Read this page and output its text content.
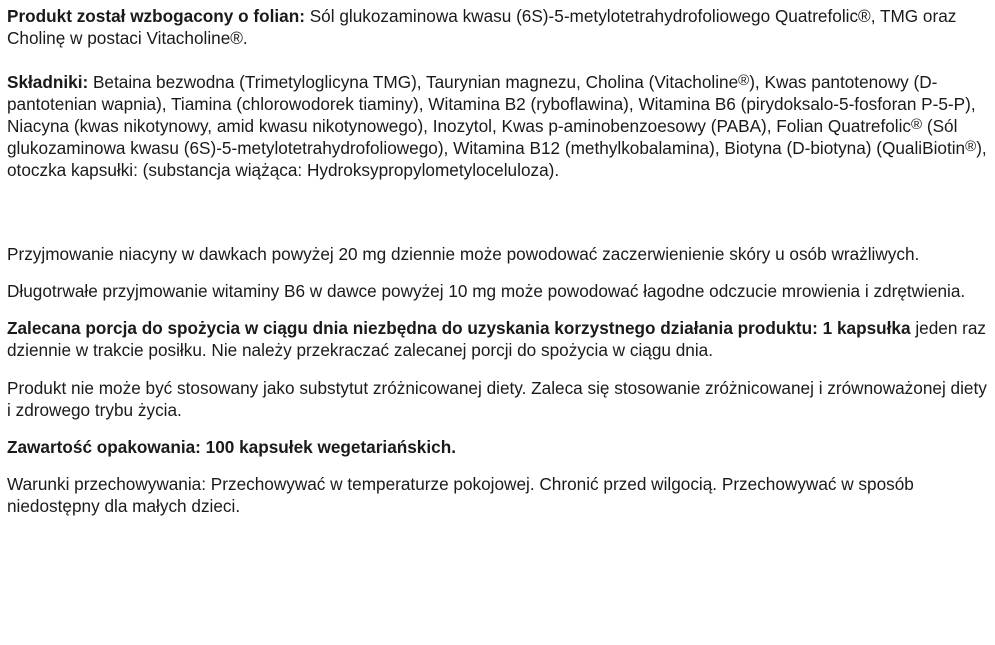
Produkt został wzbogacony o folian: Sól glukozaminowa kwasu (6S)-5-metylotetrahydrofoliowego Quatrefolic®, TMG oraz Cholinę w postaci Vitacholine®.

Składniki: Betaina bezwodna (Trimetyloglicyna TMG), Taurynian magnezu, Cholina (Vitacholine®), Kwas pantotenowy (D-pantotenian wapnia), Tiamina (chlorowodorek tiaminy), Witamina B2 (ryboflawina), Witamina B6 (pirydoksalo-5-fosforan P-5-P), Niacyna (kwas nikotynowy, amid kwasu nikotynowego), Inozytol, Kwas p-aminobenzoesowy (PABA), Folian Quatrefolic® (Sól glukozaminowa kwasu (6S)-5-metylotetrahydrofoliowego), Witamina B12 (methylkobalamina), Biotyna (D-biotyna) (QualiBiotin®), otoczka kapsułki: (substancja wiążąca: Hydroksypropylometyloceluloza).

Przyjmowanie niacyny w dawkach powyżej 20 mg dziennie może powodować zaczerwienienie skóry u osób wrażliwych.

Długotrwałe przyjmowanie witaminy B6 w dawce powyżej 10 mg może powodować łagodne odczucie mrowienia i zdrętwienia.

Zalecana porcja do spożycia w ciągu dnia niezbędna do uzyskania korzystnego działania produktu: 1 kapsułka jeden raz dziennie w trakcie posiłku. Nie należy przekraczać zalecanej porcji do spożycia w ciągu dnia.

Produkt nie może być stosowany jako substytut zróżnicowanej diety. Zaleca się stosowanie zróżnicowanej i zrównoważonej diety i zdrowego trybu życia.

Zawartość opakowania: 100 kapsułek wegetariańskich.

Warunki przechowywania: Przechowywać w temperaturze pokojowej. Chronić przed wilgocią. Przechowywać w sposób niedostępny dla małych dzieci.
